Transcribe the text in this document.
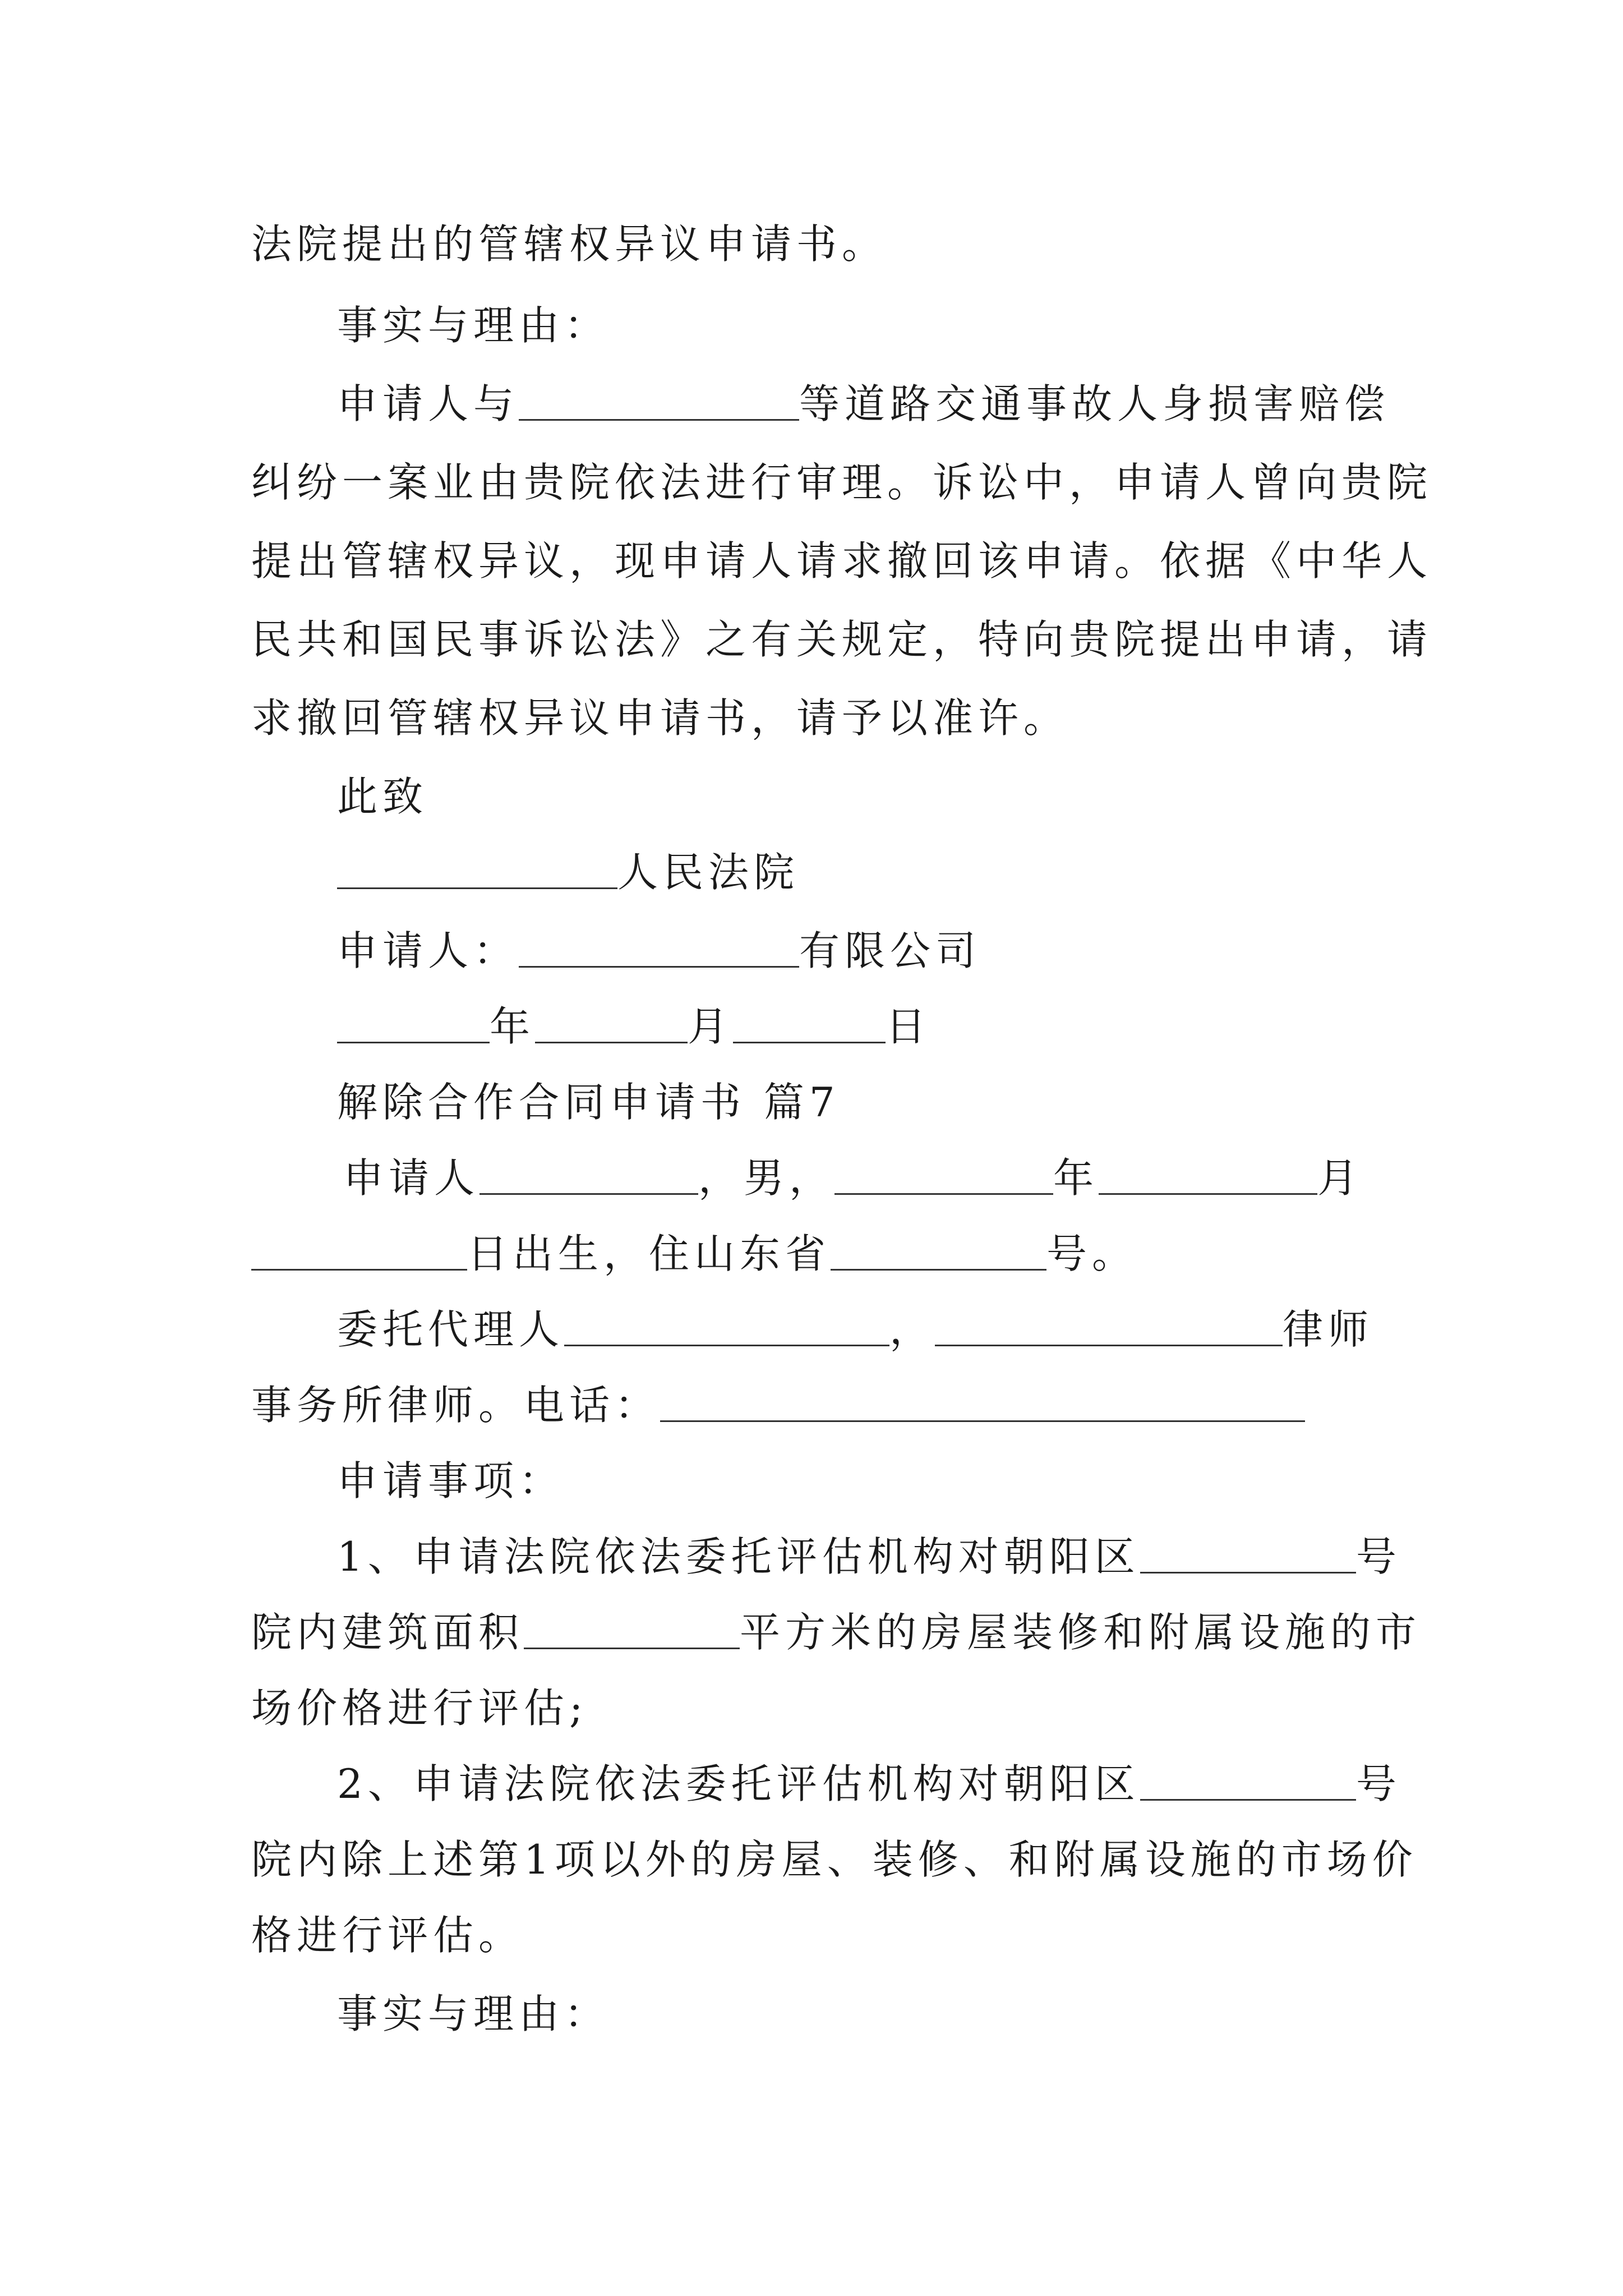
法院提出的管辖权异议申请书。

事实与理由：

申请人与	等道路交通事故人身损害赔偿

纠纷一案业由贵院依法进行审理。诉讼中，申请人曾向贵院

提出管辖权异议，现申请人请求撤回该申请。依据《中华人

民共和国民事诉讼法》之有关规定，特向贵院提出申请，请

求撤回管辖权异议申请书，请予以准许。

此致

人民法院

申请人：	有限公司

年	月	日

解除合作合同申请书 篇7

申请人	，男，	年	月

日出生，住山东省	号。

委托代理人	，	律师

事务所律师。电话：

申请事项：

1、申请法院依法委托评估机构对朝阳区	号

院内建筑面积	平方米的房屋装修和附属设施的市

场价格进行评估;

2、申请法院依法委托评估机构对朝阳区	号

院内除上述第1项以外的房屋、装修、和附属设施的市场价

格进行评估。

事实与理由：
